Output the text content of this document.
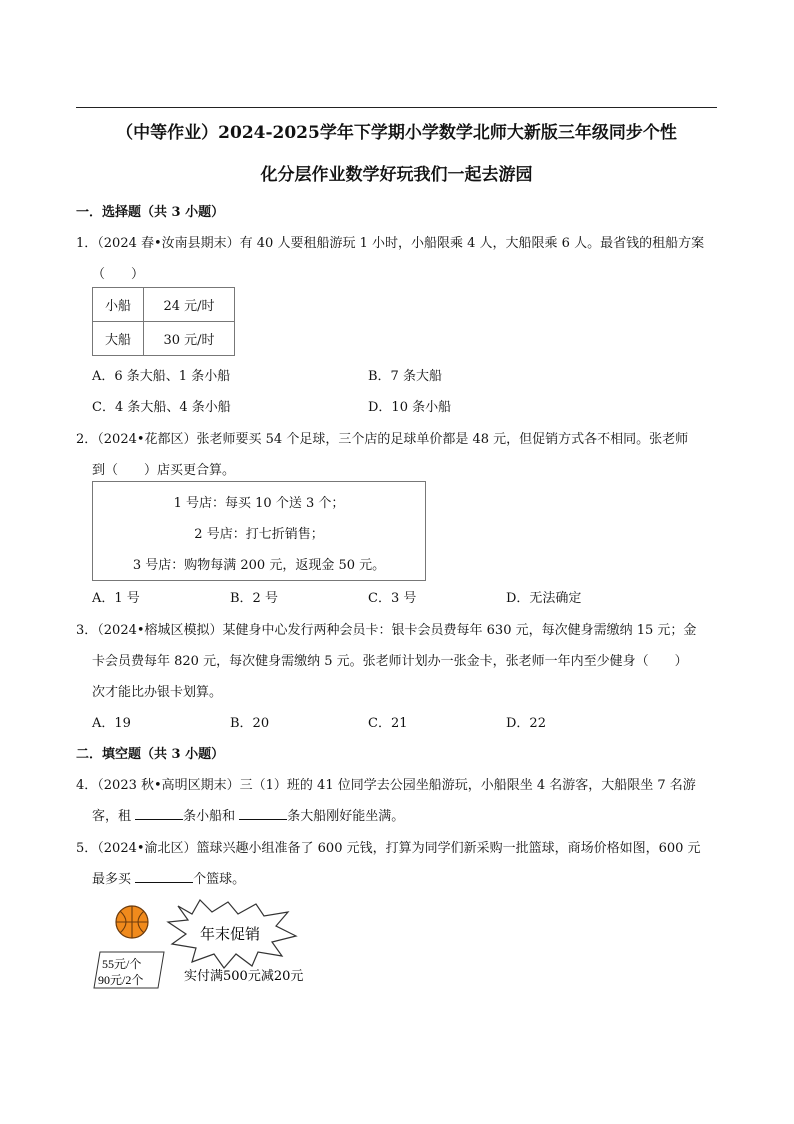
（中等作业）2024-2025学年下学期小学数学北师大新版三年级同步个性
化分层作业数学好玩我们一起去游园
一．选择题（共 3 小题）
1．（2024 春•汝南县期末）有 40 人要租船游玩 1 小时，小船限乘 4 人，大船限乘 6 人。最省钱的租船方案
（　　）
小船	24 元/时
大船	30 元/时
A．6 条大船、1 条小船	B．7 条大船
C．4 条大船、4 条小船	D．10 条小船
2．（2024•花都区）张老师要买 54 个足球，三个店的足球单价都是 48 元，但促销方式各不相同。张老师
到（　　）店买更合算。
1 号店：每买 10 个送 3 个；
2 号店：打七折销售；
3 号店：购物每满 200 元，返现金 50 元。
A．1 号	B．2 号	C．3 号	D．无法确定
3．（2024•榕城区模拟）某健身中心发行两种会员卡：银卡会员费每年 630 元，每次健身需缴纳 15 元；金
卡会员费每年 820 元，每次健身需缴纳 5 元。张老师计划办一张金卡，张老师一年内至少健身（　　）
次才能比办银卡划算。
A．19	B．20	C．21	D．22
二．填空题（共 3 小题）
4．（2023 秋•高明区期末）三（1）班的 41 位同学去公园坐船游玩，小船限坐 4 名游客，大船限坐 7 名游
客，租	条小船和	条大船刚好能坐满。
5．（2024•渝北区）篮球兴趣小组准备了 600 元钱，打算为同学们新采购一批篮球，商场价格如图，600 元
最多买	个篮球。
55元/个
90元/2个
年末促销
实付满500元减20元
